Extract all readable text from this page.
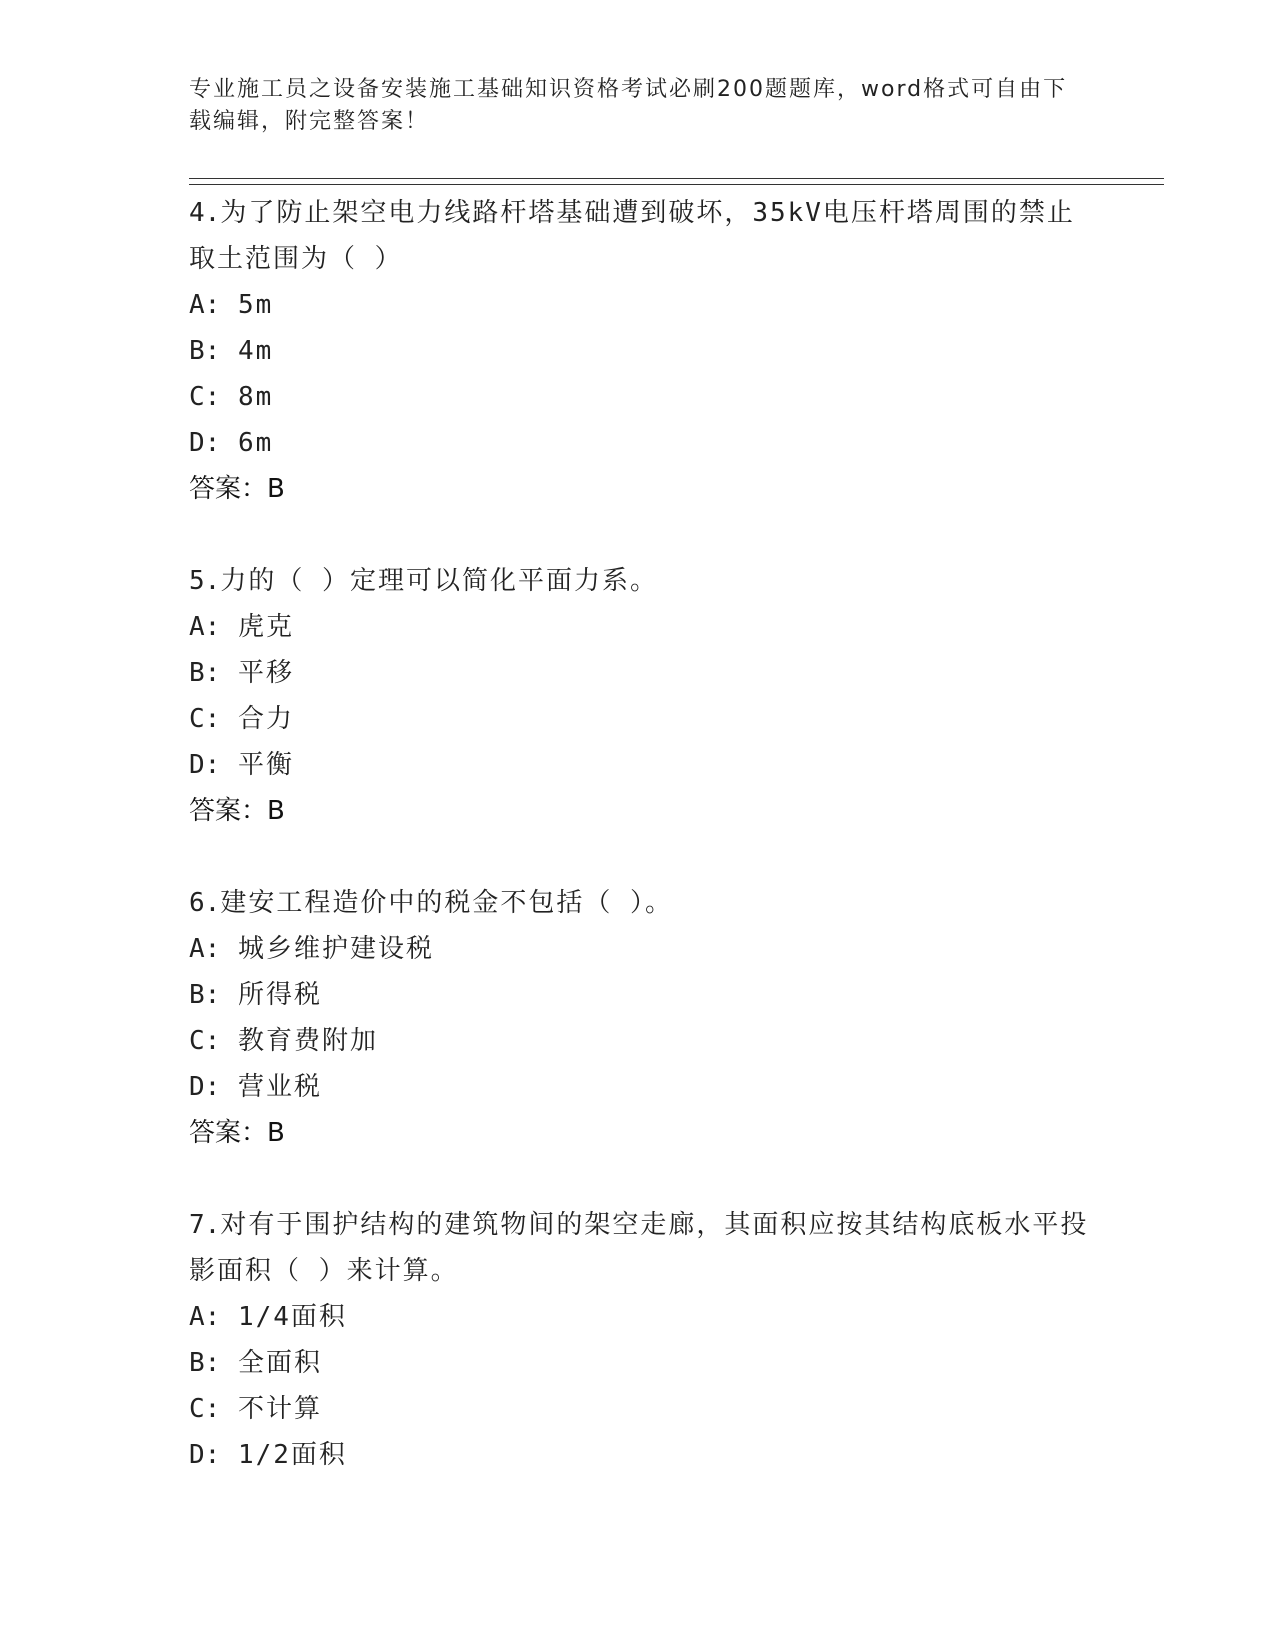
专业施工员之设备安装施工基础知识资格考试必刷200题题库，word格式可自由下载编辑，附完整答案！

4.为了防止架空电力线路杆塔基础遭到破坏，35kV电压杆塔周围的禁止取土范围为（ ）

A: 5m
B: 4m
C: 8m
D: 6m
答案：B

5.力的（ ）定理可以简化平面力系。

A: 虎克
B: 平移
C: 合力
D: 平衡
答案：B

6.建安工程造价中的税金不包括（ ）。

A: 城乡维护建设税
B: 所得税
C: 教育费附加
D: 营业税
答案：B

7.对有于围护结构的建筑物间的架空走廊，其面积应按其结构底板水平投影面积（ ）来计算。

A: 1/4面积
B: 全面积
C: 不计算
D: 1/2面积
